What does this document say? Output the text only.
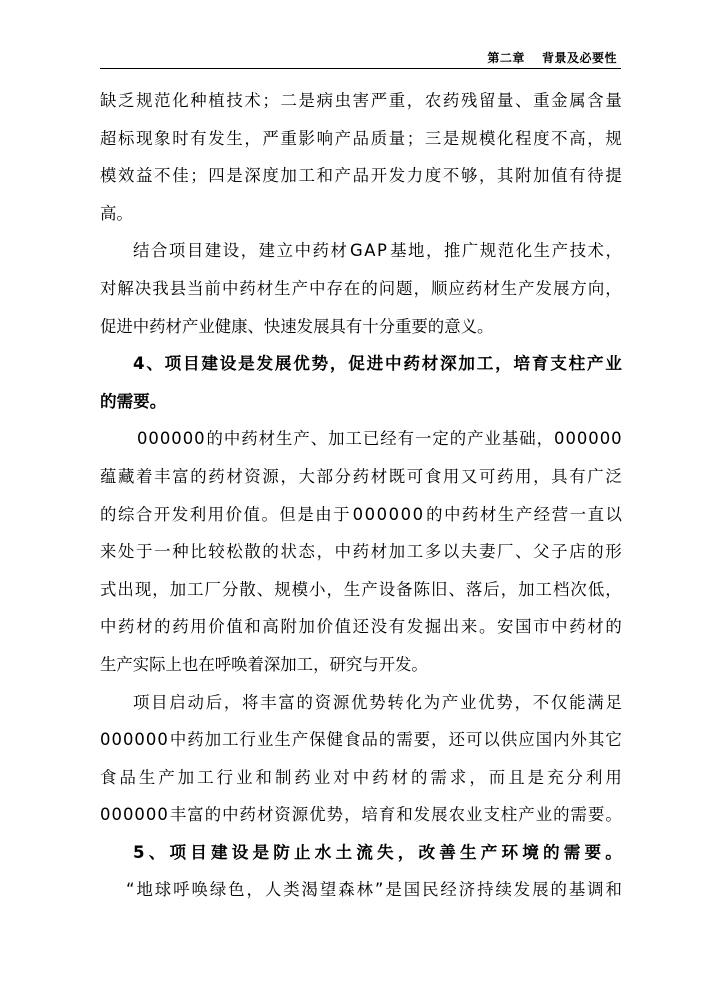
第二章　 背景及必要性
缺 乏 规 范 化 种 植 技 术 ； 二 是 病 虫 害 严 重 ， 农 药 残 留 量 、 重 金 属 含 量
超 标 现 象 时 有 发 生 ， 严 重 影 响 产 品 质 量 ； 三 是 规 模 化 程 度 不 高 ， 规
模 效 益 不 佳 ； 四 是 深 度 加 工 和 产 品 开 发 力 度 不 够 ， 其 附 加 值 有 待 提
高。
结 合 项 目 建 设 ， 建 立 中 药 材 G A P 基 地 ， 推 广 规 范 化 生 产 技 术 ，
对 解 决 我 县 当 前 中 药 材 生 产 中 存 在 的 问 题 ， 顺 应 药 材 生 产 发 展 方 向 ，
促进中药材产业健康、快速发展具有十分重要的意义。
4 、 项 目 建 设 是 发 展 优 势 ， 促 进 中 药 材 深 加 工 ， 培 育 支 柱 产 业
的需要。
0 0 0 0 0 0 的 中 药 材 生 产 、 加 工 已 经 有 一 定 的 产 业 基 础 ， 0 0 0 0 0 0
蕴 藏 着 丰 富 的 药 材 资 源 ， 大 部 分 药 材 既 可 食 用 又 可 药 用 ， 具 有 广 泛
的 综 合 开 发 利 用 价 值 。 但 是 由 于 0 0 0 0 0 0 的 中 药 材 生 产 经 营 一 直 以
来 处 于 一 种 比 较 松 散 的 状 态 ， 中 药 材 加 工 多 以 夫 妻 厂 、 父 子 店 的 形
式 出 现 ， 加 工 厂 分 散 、 规 模 小 ， 生 产 设 备 陈 旧 、 落 后 ， 加 工 档 次 低 ，
中 药 材 的 药 用 价 值 和 高 附 加 价 值 还 没 有 发 掘 出 来 。 安 国 市 中 药 材 的
生产实际上也在呼唤着深加工，研究与开发。
项 目 启 动 后 ， 将 丰 富 的 资 源 优 势 转 化 为 产 业 优 势 ， 不 仅 能 满 足
0 0 0 0 0 0 中 药 加 工 行 业 生 产 保 健 食 品 的 需 要 ， 还 可 以 供 应 国 内 外 其 它
食 品 生 产 加 工 行 业 和 制 药 业 对 中 药 材 的 需 求 ， 而 且 是 充 分 利 用
0 0 0 0 0 0 丰 富 的 中 药 材 资 源 优 势 ， 培 育 和 发 展 农 业 支 柱 产 业 的 需 要 。
5 、 项 目 建 设 是 防 止 水 土 流 失 ， 改 善 生 产 环 境 的 需 要 。
“ 地 球 呼 唤 绿 色 ， 人 类 渴 望 森 林 ” 是 国 民 经 济 持 续 发 展 的 基 调 和
